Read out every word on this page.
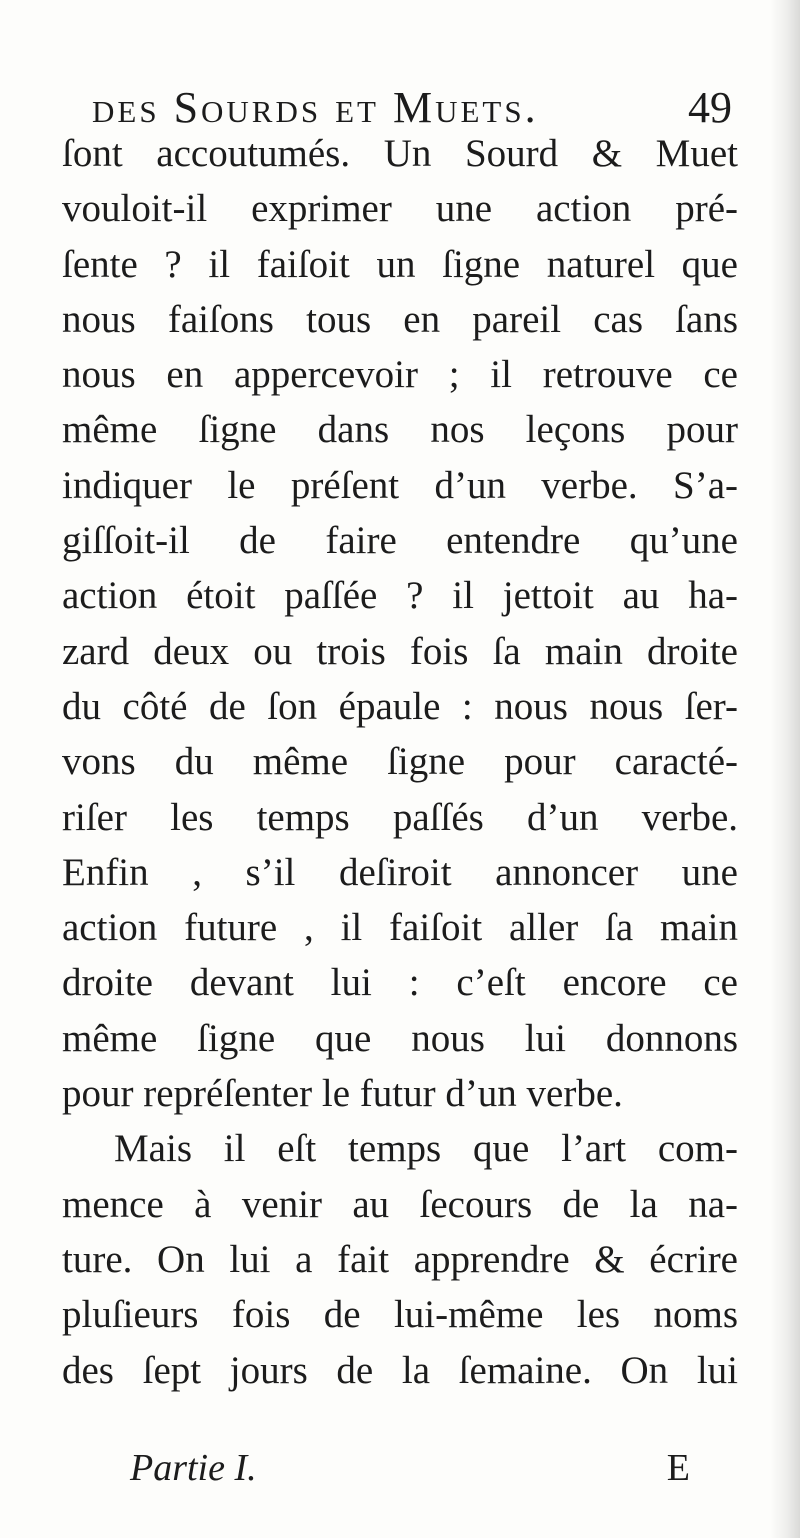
des Sourds et Muets.	49
ſont accoutumés. Un Sourd & Muet
vouloit-il exprimer une action pré-
ſente ? il faiſoit un ſigne naturel que
nous faiſons tous en pareil cas ſans
nous en appercevoir ; il retrouve ce
même ſigne dans nos leçons pour
indiquer le préſent d’un verbe. S’a-
giſſoit-il de faire entendre qu’une
action étoit paſſée ? il jettoit au ha-
zard deux ou trois fois ſa main droite
du côté de ſon épaule : nous nous ſer-
vons du même ſigne pour caracté-
riſer les temps paſſés d’un verbe.
Enfin , s’il deſiroit annoncer une
action future , il faiſoit aller ſa main
droite devant lui : c’eſt encore ce
même ſigne que nous lui donnons
pour repréſenter le futur d’un verbe.
Mais il eſt temps que l’art com-
mence à venir au ſecours de la na-
ture. On lui a fait apprendre & écrire
pluſieurs fois de lui-même les noms
des ſept jours de la ſemaine. On lui
Partie I.	E
